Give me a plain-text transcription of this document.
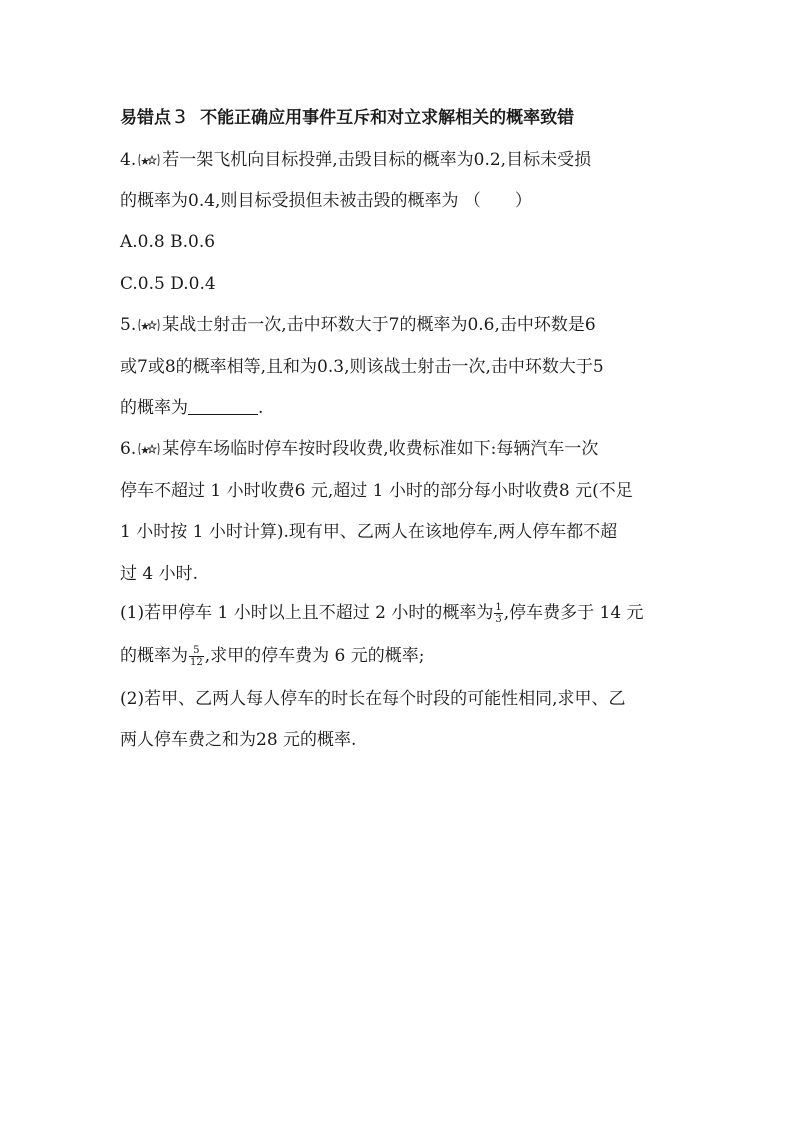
易错点 3 不能正确应用事件互斥和对立求解相关的概率致错
4. 若一架飞机向目标投弹,击毁目标的概率为0.2,目标未受损
的概率为0.4,则目标受损但未被击毁的概率为 （　　）
A.0.8 B.0.6
C.0.5 D.0.4
5. 某战士射击一次,击中环数大于7的概率为0.6,击中环数是6
或7或8的概率相等,且和为0.3,则该战士射击一次,击中环数大于5
的概率为	.
6. 某停车场临时停车按时段收费,收费标准如下:每辆汽车一次
停车不超过 1 小时收费6 元,超过 1 小时的部分每小时收费8 元(不足
1 小时按 1 小时计算).现有甲、乙两人在该地停车,两人停车都不超
过 4 小时.
(1)若甲停车 1 小时以上且不超过 2 小时的概率为 $\frac{1}{3}$ ,停车费多于 14 元
的概率为 $\frac{5}{12}$ ,求甲的停车费为 6 元的概率;
(2)若甲、乙两人每人停车的时长在每个时段的可能性相同,求甲、乙
两人停车费之和为28 元的概率.
